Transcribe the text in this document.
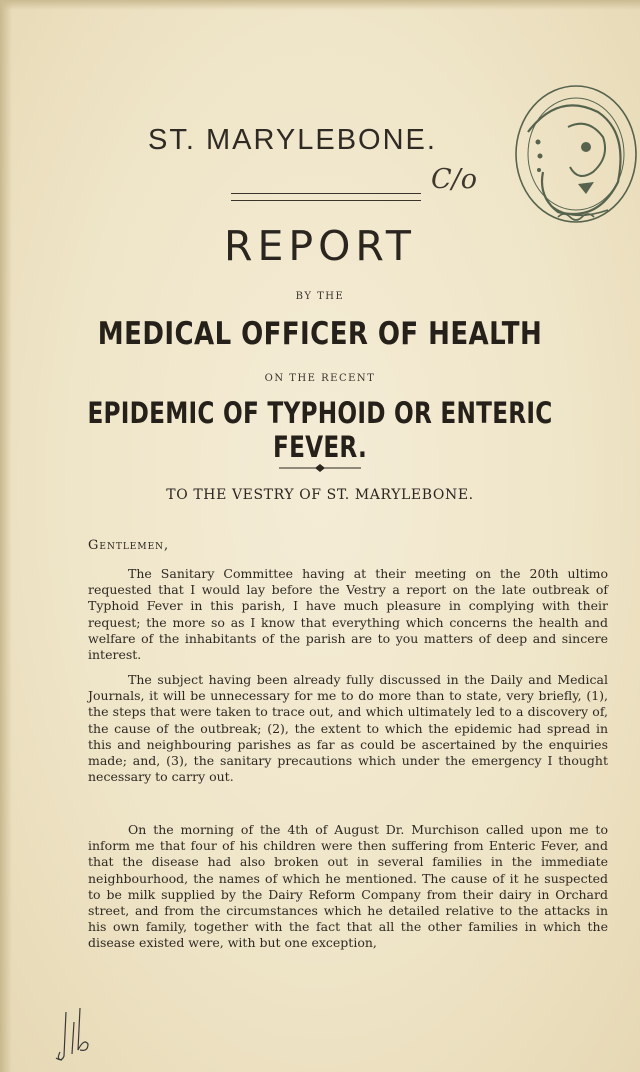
ST. MARYLEBONE.
C/o
REPORT
BY THE
MEDICAL OFFICER OF HEALTH
ON THE RECENT
EPIDEMIC OF TYPHOID OR ENTERIC FEVER.
TO THE VESTRY OF ST. MARYLEBONE.
Gentlemen,

The Sanitary Committee having at their meeting on the 20th ultimo requested that I would lay before the Vestry a report on the late outbreak of Typhoid Fever in this parish, I have much pleasure in complying with their request; the more so as I know that everything which concerns the health and welfare of the inhabitants of the parish are to you matters of deep and sincere interest.

The subject having been already fully discussed in the Daily and Medical Journals, it will be unnecessary for me to do more than to state, very briefly, (1), the steps that were taken to trace out, and which ultimately led to a discovery of, the cause of the outbreak; (2), the extent to which the epidemic had spread in this and neighbouring parishes as far as could be ascertained by the enquiries made; and, (3), the sanitary precautions which under the emergency I thought necessary to carry out.

On the morning of the 4th of August Dr. Murchison called upon me to inform me that four of his children were then suffering from Enteric Fever, and that the disease had also broken out in several families in the immediate neighbourhood, the names of which he mentioned. The cause of it he suspected to be milk supplied by the Dairy Reform Company from their dairy in Orchard street, and from the circumstances which he detailed relative to the attacks in his own family, together with the fact that all the other families in which the disease existed were, with but one exception,
